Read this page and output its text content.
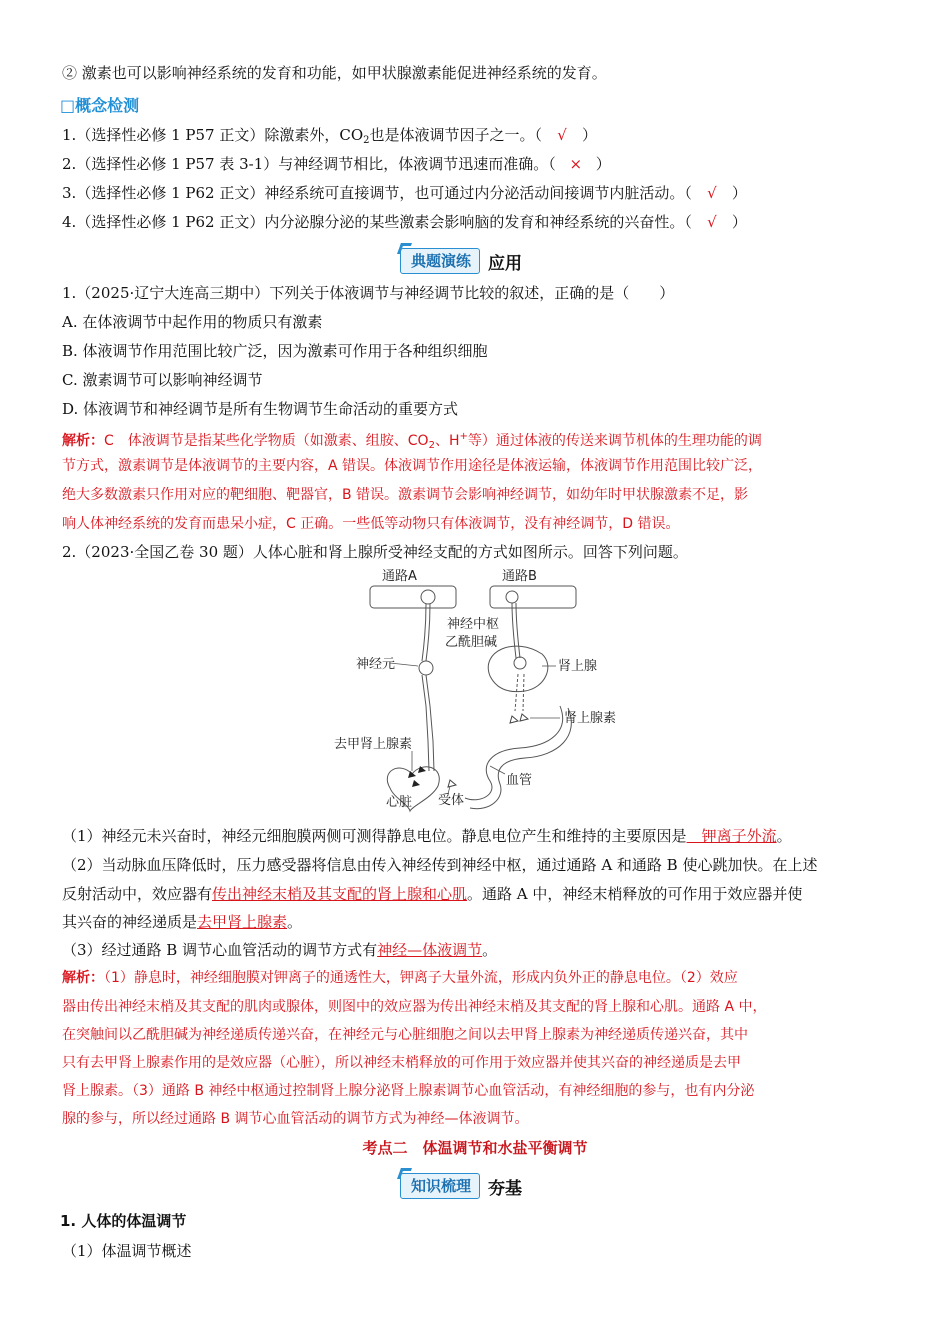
② 激素也可以影响神经系统的发育和功能，如甲状腺激素能促进神经系统的发育。
□概念检测
1.（选择性必修 1 P57 正文）除激素外，$CO_2$也是体液调节因子之一。（ √ ）
2.（选择性必修 1 P57 表 3-1）与神经调节相比，体液调节迅速而准确。（ × ）
3.（选择性必修 1 P62 正文）神经系统可直接调节，也可通过内分泌活动间接调节内脏活动。（ √ ）
4.（选择性必修 1 P62 正文）内分泌腺分泌的某些激素会影响脑的发育和神经系统的兴奋性。（ √ ）
典题演练	应用
1.（2025·辽宁大连高三期中）下列关于体液调节与神经调节比较的叙述，正确的是（　　）
A. 在体液调节中起作用的物质只有激素
B. 体液调节作用范围比较广泛，因为激素可作用于各种组织细胞
C. 激素调节可以影响神经调节
D. 体液调节和神经调节是所有生物调节生命活动的重要方式
解析：C　体液调节是指某些化学物质（如激素、组胺、$CO_2$、H+等）通过体液的传送来调节机体的生理功能的调
节方式，激素调节是体液调节的主要内容，A 错误。体液调节作用途径是体液运输，体液调节作用范围比较广泛，
绝大多数激素只作用对应的靶细胞、靶器官，B 错误。激素调节会影响神经调节，如幼年时甲状腺激素不足，影
响人体神经系统的发育而患呆小症，C 正确。一些低等动物只有体液调节，没有神经调节，D 错误。
2.（2023·全国乙卷 30 题）人体心脏和肾上腺所受神经支配的方式如图所示。回答下列问题。
通路A	通路B
神经中枢
乙酰胆碱
神经元	肾上腺
肾上腺素
去甲肾上腺素
血管
心脏 受体
（1）神经元未兴奋时，神经元细胞膜两侧可测得静息电位。静息电位产生和维持的主要原因是　钾离子外流。
（2）当动脉血压降低时，压力感受器将信息由传入神经传到神经中枢，通过通路 A 和通路 B 使心跳加快。在上述
反射活动中，效应器有传出神经末梢及其支配的肾上腺和心肌。通路 A 中，神经末梢释放的可作用于效应器并使
其兴奋的神经递质是去甲肾上腺素。
（3）经过通路 B 调节心血管活动的调节方式有神经—体液调节。
解析：（1）静息时，神经细胞膜对钾离子的通透性大，钾离子大量外流，形成内负外正的静息电位。（2）效应
器由传出神经末梢及其支配的肌肉或腺体，则图中的效应器为传出神经末梢及其支配的肾上腺和心肌。通路 A 中，
在突触间以乙酰胆碱为神经递质传递兴奋，在神经元与心脏细胞之间以去甲肾上腺素为神经递质传递兴奋，其中
只有去甲肾上腺素作用的是效应器（心脏），所以神经末梢释放的可作用于效应器并使其兴奋的神经递质是去甲
肾上腺素。（3）通路 B 神经中枢通过控制肾上腺分泌肾上腺素调节心血管活动，有神经细胞的参与，也有内分泌
腺的参与，所以经过通路 B 调节心血管活动的调节方式为神经—体液调节。
考点二　体温调节和水盐平衡调节
知识梳理	夯基
1. 人体的体温调节
（1）体温调节概述
